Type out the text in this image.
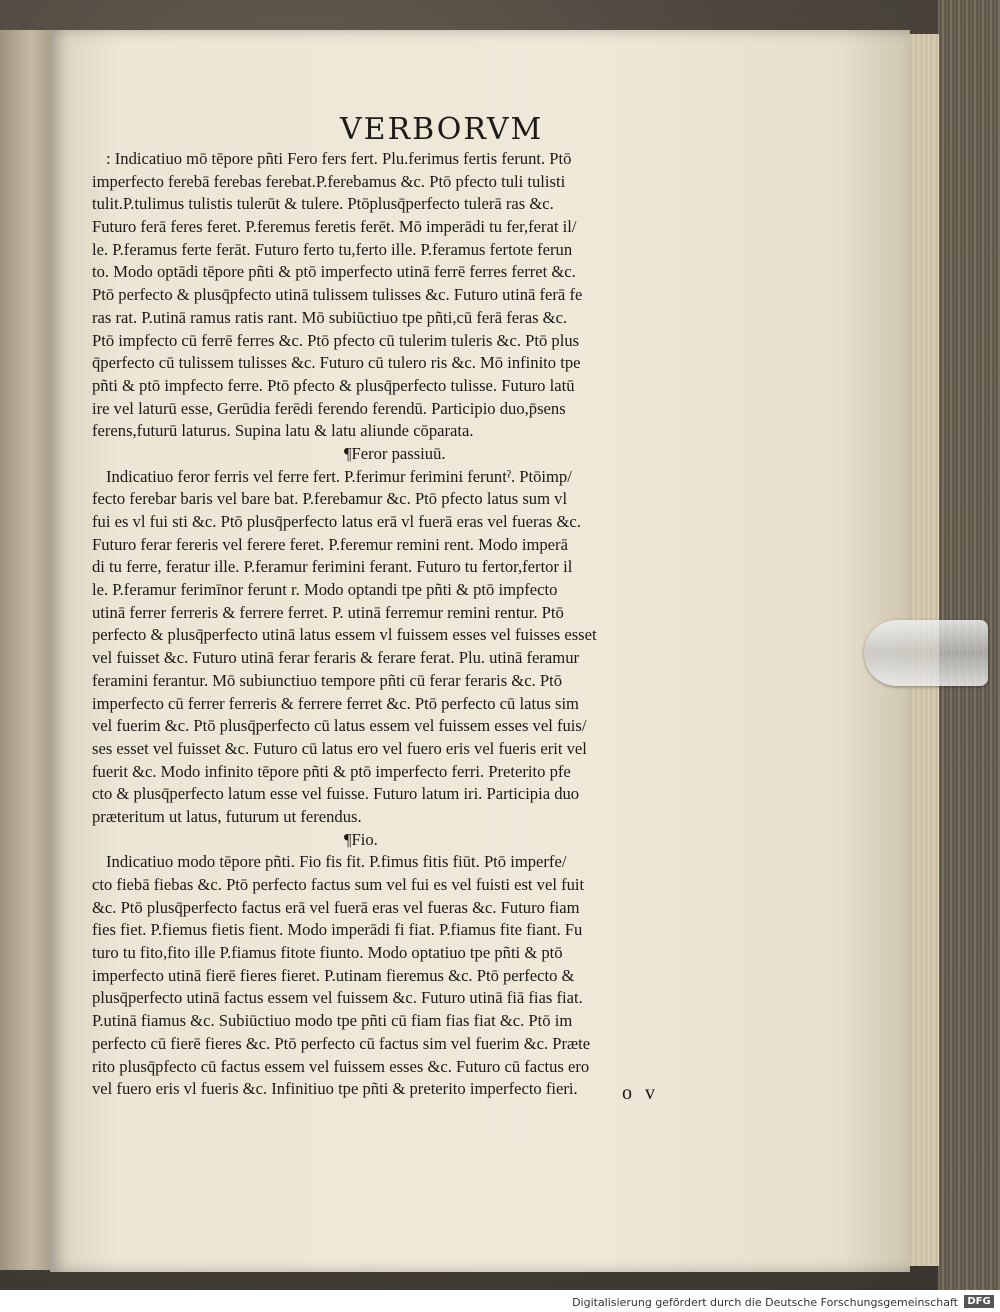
VERBORVM
: Indicatiuo mō tēpore pñti Fero fers fert. Plu.ferimus fertis ferunt. Ptō
imperfecto ferebā ferebas ferebat.P.ferebamus &c. Ptō pfecto tuli tulisti
tulit.P.tulimus tulistis tulerūt & tulere. Ptōplusq̄perfecto tulerā ras &c.
Futuro ferā feres feret. P.feremus feretis ferēt. Mō imperādi tu fer,ferat il/
le. P.feramus ferte ferāt. Futuro ferto tu,ferto ille. P.feramus fertote ferun
to. Modo optādi tēpore pñti & ptō imperfecto utinā ferrē ferres ferret &c.
Ptō perfecto & plusq̄pfecto utinā tulissem tulisses &c. Futuro utinā ferā fe
ras rat. P.utinā ramus ratis rant. Mō subiūctiuo tpe pñti,cū ferā feras &c.
Ptō impfecto cū ferrē ferres &c. Ptō pfecto cū tulerim tuleris &c. Ptō plus
q̄perfecto cū tulissem tulisses &c. Futuro cū tulero ris &c. Mō infinito tpe
pñti & ptō impfecto ferre. Ptō pfecto & plusq̄perfecto tulisse. Futuro latū
ire vel laturū esse, Gerūdia ferēdi ferendo ferendū. Participio duo,p̄sens
ferens,futurū laturus. Supina latu & latu aliunde cōparata.
¶Feror passiuū.
Indicatiuo feror ferris vel ferre fert. P.ferimur ferimini feruntˀ. Ptōimp/
fecto ferebar baris vel bare bat. P.ferebamur &c. Ptō pfecto latus sum vl
fui es vl fui sti &c. Ptō plusq̄perfecto latus erā vl fuerā eras vel fueras &c.
Futuro ferar fereris vel ferere feret. P.feremur remini rent. Modo imperā
di tu ferre, feratur ille. P.feramur ferimini ferant. Futuro tu fertor,fertor il
le. P.feramur ferimīnor ferunt r. Modo optandi tpe pñti & ptō impfecto
utinā ferrer ferreris & ferrere ferret. P. utinā ferremur remini rentur. Ptō
perfecto & plusq̄perfecto utinā latus essem vl fuissem esses vel fuisses esset
vel fuisset &c. Futuro utinā ferar feraris & ferare ferat. Plu. utinā feramur
feramini ferantur. Mō subiunctiuo tempore pñti cū ferar feraris &c. Ptō
imperfecto cū ferrer ferreris & ferrere ferret &c. Ptō perfecto cū latus sim
vel fuerim &c. Ptō plusq̄perfecto cū latus essem vel fuissem esses vel fuis/
ses esset vel fuisset &c. Futuro cū latus ero vel fuero eris vel fueris erit vel
fuerit &c. Modo infinito tēpore pñti & ptō imperfecto ferri. Preterito pfe
cto & plusq̄perfecto latum esse vel fuisse. Futuro latum iri. Participia duo
præteritum ut latus, futurum ut ferendus.
¶Fio.
Indicatiuo modo tēpore pñti. Fio fis fit. P.fimus fitis fiūt. Ptō imperfe/
cto fiebā fiebas &c. Ptō perfecto factus sum vel fui es vel fuisti est vel fuit
&c. Ptō plusq̄perfecto factus erā vel fuerā eras vel fueras &c. Futuro fiam
fies fiet. P.fiemus fietis fient. Modo imperādi fi fiat. P.fiamus fite fiant. Fu
turo tu fito,fito ille P.fiamus fitote fiunto. Modo optatiuo tpe pñti & ptō
imperfecto utinā fierē fieres fieret. P.utinam fieremus &c. Ptō perfecto &
plusq̄perfecto utinā factus essem vel fuissem &c. Futuro utinā fiā fias fiat.
P.utinā fiamus &c. Subiūctiuo modo tpe pñti cū fiam fias fiat &c. Ptō im
perfecto cū fierē fieres &c. Ptō perfecto cū factus sim vel fuerim &c. Præte
rito plusq̄pfecto cū factus essem vel fuissem esses &c. Futuro cū factus ero
vel fuero eris vl fueris &c. Infinitiuo tpe pñti & preterito imperfecto fieri.	o v
Digitalisierung gefördert durch die Deutsche Forschungsgemeinschaft DFG
